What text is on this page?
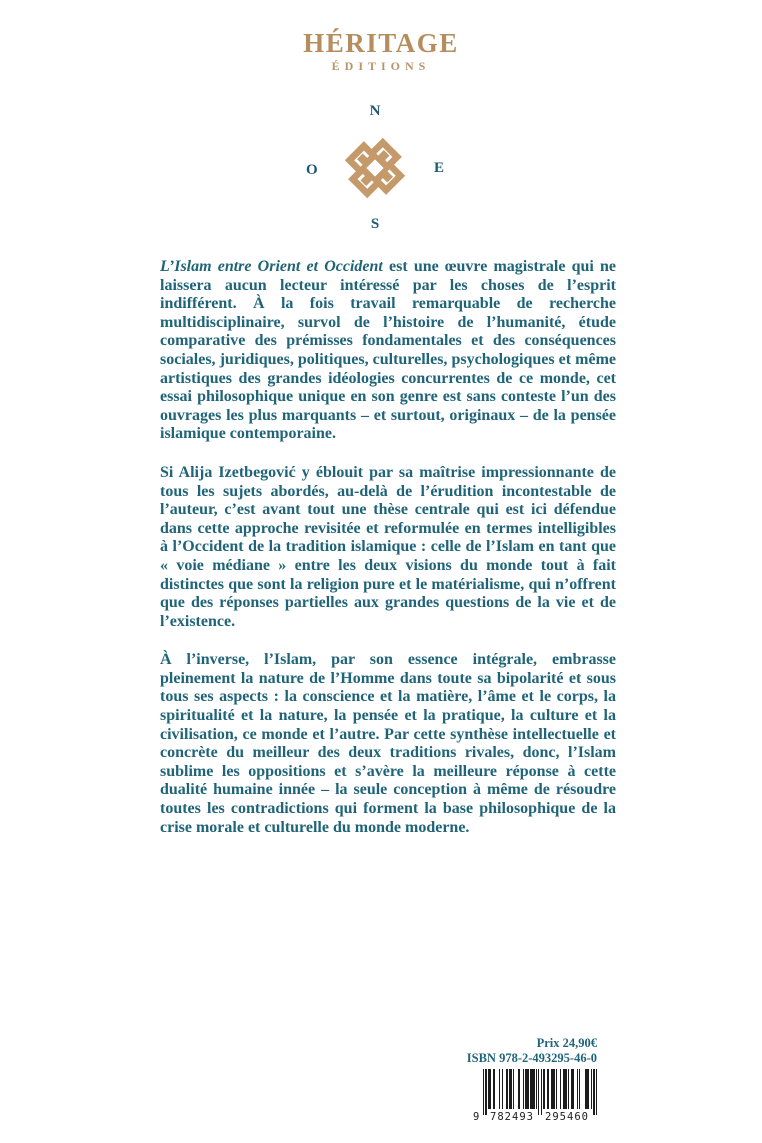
HÉRITAGE
ÉDITIONS
N
O	E
S

L’Islam entre Orient et Occident est une œuvre magistrale qui ne laissera aucun lecteur intéressé par les choses de l’esprit indifférent. À la fois travail remarquable de recherche multidisciplinaire, survol de l’histoire de l’humanité, étude comparative des prémisses fondamentales et des conséquences sociales, juridiques, politiques, culturelles, psychologiques et même artistiques des grandes idéologies concurrentes de ce monde, cet essai philosophique unique en son genre est sans conteste l’un des ouvrages les plus marquants – et surtout, originaux – de la pensée islamique contemporaine.

Si Alija Izetbegović y éblouit par sa maîtrise impressionnante de tous les sujets abordés, au-delà de l’érudition incontestable de l’auteur, c’est avant tout une thèse centrale qui est ici défendue dans cette approche revisitée et reformulée en termes intelligibles à l’Occident de la tradition islamique : celle de l’Islam en tant que « voie médiane » entre les deux visions du monde tout à fait distinctes que sont la religion pure et le matérialisme, qui n’offrent que des réponses partielles aux grandes questions de la vie et de l’existence.

À l’inverse, l’Islam, par son essence intégrale, embrasse pleinement la nature de l’Homme dans toute sa bipolarité et sous tous ses aspects : la conscience et la matière, l’âme et le corps, la spiritualité et la nature, la pensée et la pratique, la culture et la civilisation, ce monde et l’autre. Par cette synthèse intellectuelle et concrète du meilleur des deux traditions rivales, donc, l’Islam sublime les oppositions et s’avère la meilleure réponse à cette dualité humaine innée – la seule conception à même de résoudre toutes les contradictions qui forment la base philosophique de la crise morale et culturelle du monde moderne.

Prix 24,90€
ISBN 978-2-493295-46-0
9 782493 295460
